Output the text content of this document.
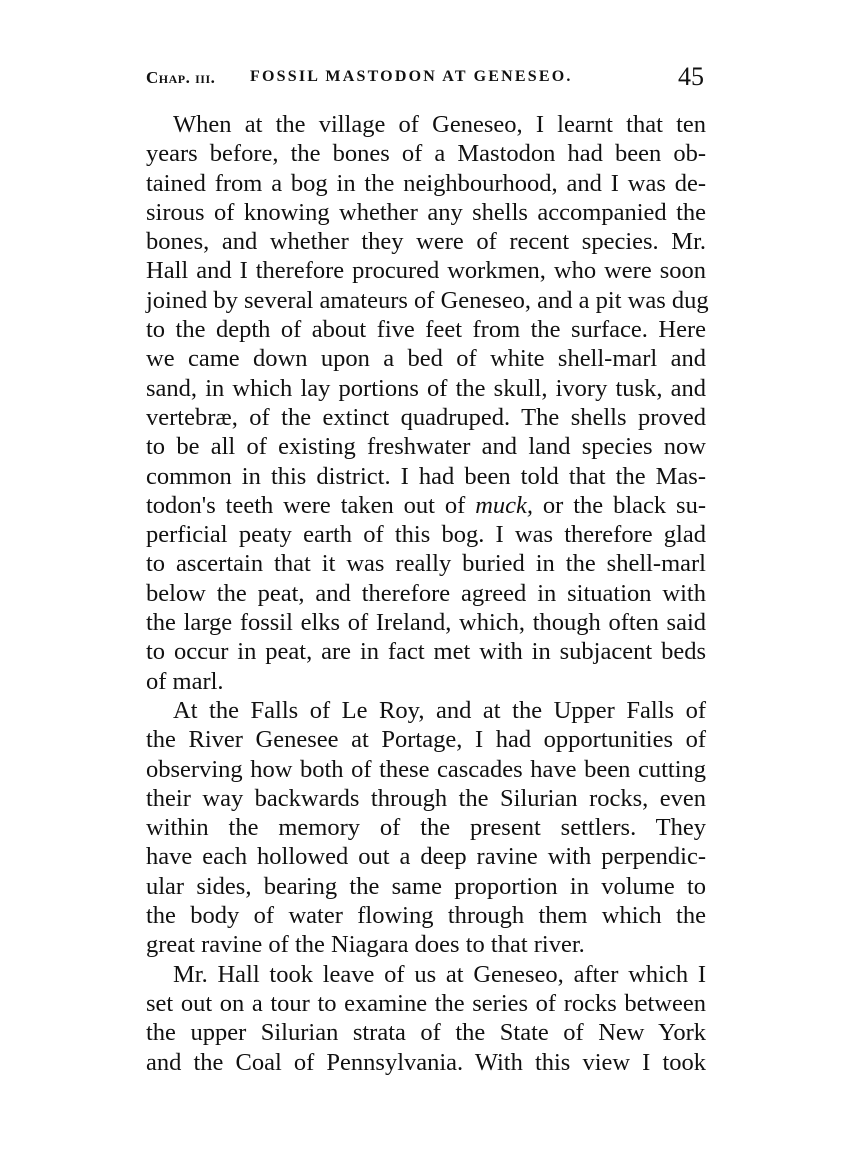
Chap. iii. FOSSIL MASTODON AT GENESEO.	45
When at the village of Geneseo, I learnt that ten
years before, the bones of a Mastodon had been ob-
tained from a bog in the neighbourhood, and I was de-
sirous of knowing whether any shells accompanied the
bones, and whether they were of recent species. Mr.
Hall and I therefore procured workmen, who were soon
joined by several amateurs of Geneseo, and a pit was dug
to the depth of about five feet from the surface. Here
we came down upon a bed of white shell-marl and
sand, in which lay portions of the skull, ivory tusk, and
vertebræ, of the extinct quadruped. The shells proved
to be all of existing freshwater and land species now
common in this district. I had been told that the Mas-
todon's teeth were taken out of muck, or the black su-
perficial peaty earth of this bog. I was therefore glad
to ascertain that it was really buried in the shell-marl
below the peat, and therefore agreed in situation with
the large fossil elks of Ireland, which, though often said
to occur in peat, are in fact met with in subjacent beds
of marl.
At the Falls of Le Roy, and at the Upper Falls of
the River Genesee at Portage, I had opportunities of
observing how both of these cascades have been cutting
their way backwards through the Silurian rocks, even
within the memory of the present settlers. They
have each hollowed out a deep ravine with perpendic-
ular sides, bearing the same proportion in volume to
the body of water flowing through them which the
great ravine of the Niagara does to that river.
Mr. Hall took leave of us at Geneseo, after which I
set out on a tour to examine the series of rocks between
the upper Silurian strata of the State of New York
and the Coal of Pennsylvania. With this view I took
